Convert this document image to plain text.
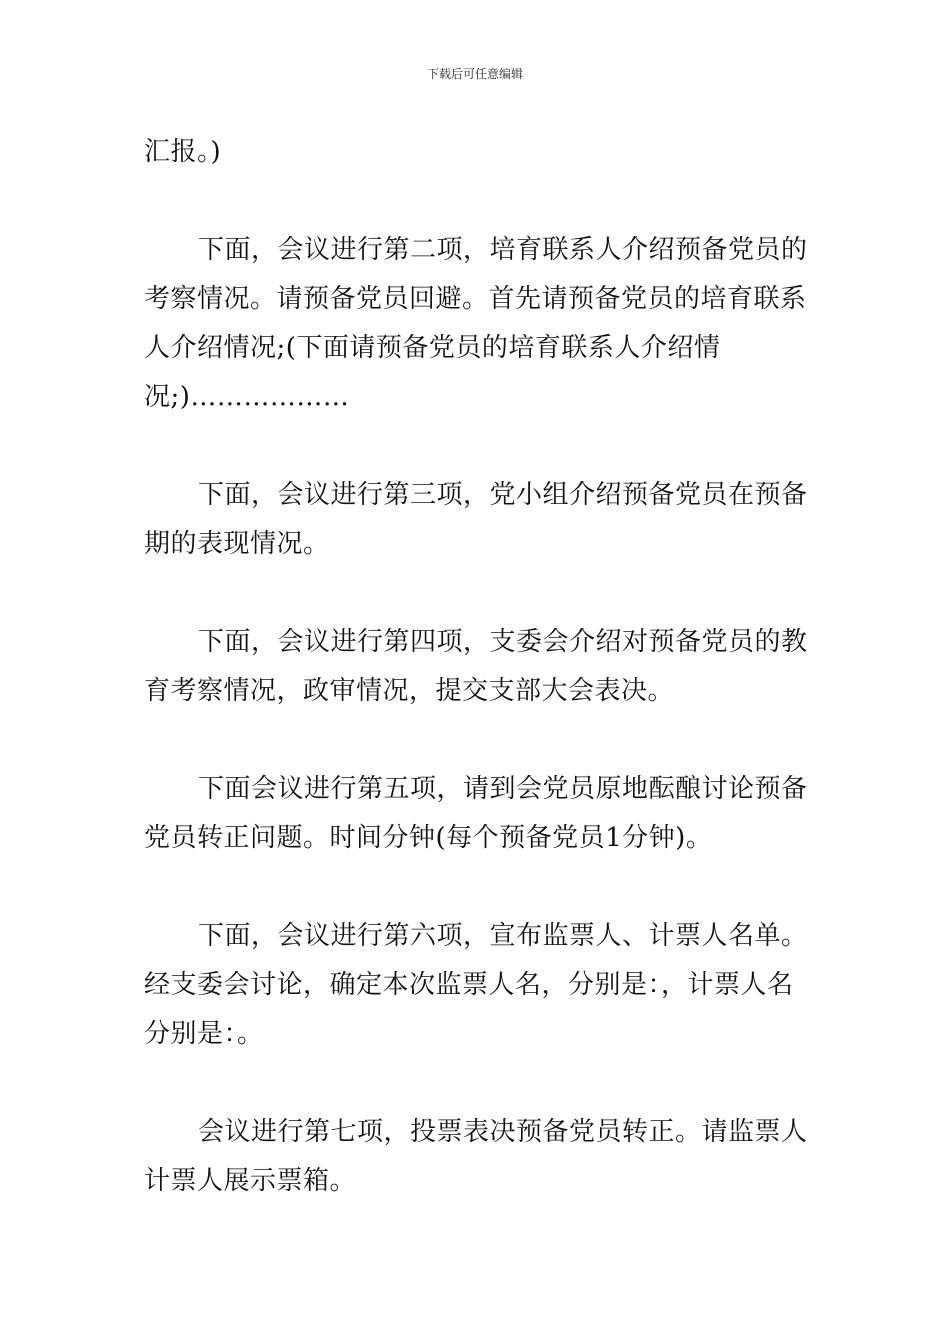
下载后可任意编辑

汇报。)

下面，会议进行第二项，培育联系人介绍预备党员的考察情况。请预备党员回避。首先请预备党员的培育联系人介绍情况;(下面请预备党员的培育联系人介绍情况;)………………

下面，会议进行第三项，党小组介绍预备党员在预备期的表现情况。

下面，会议进行第四项，支委会介绍对预备党员的教育考察情况，政审情况，提交支部大会表决。

下面会议进行第五项，请到会党员原地酝酿讨论预备党员转正问题。时间分钟(每个预备党员1分钟)。

下面，会议进行第六项，宣布监票人、计票人名单。经支委会讨论，确定本次监票人名，分别是：，计票人名分别是：。

会议进行第七项，投票表决预备党员转正。请监票人计票人展示票箱。
